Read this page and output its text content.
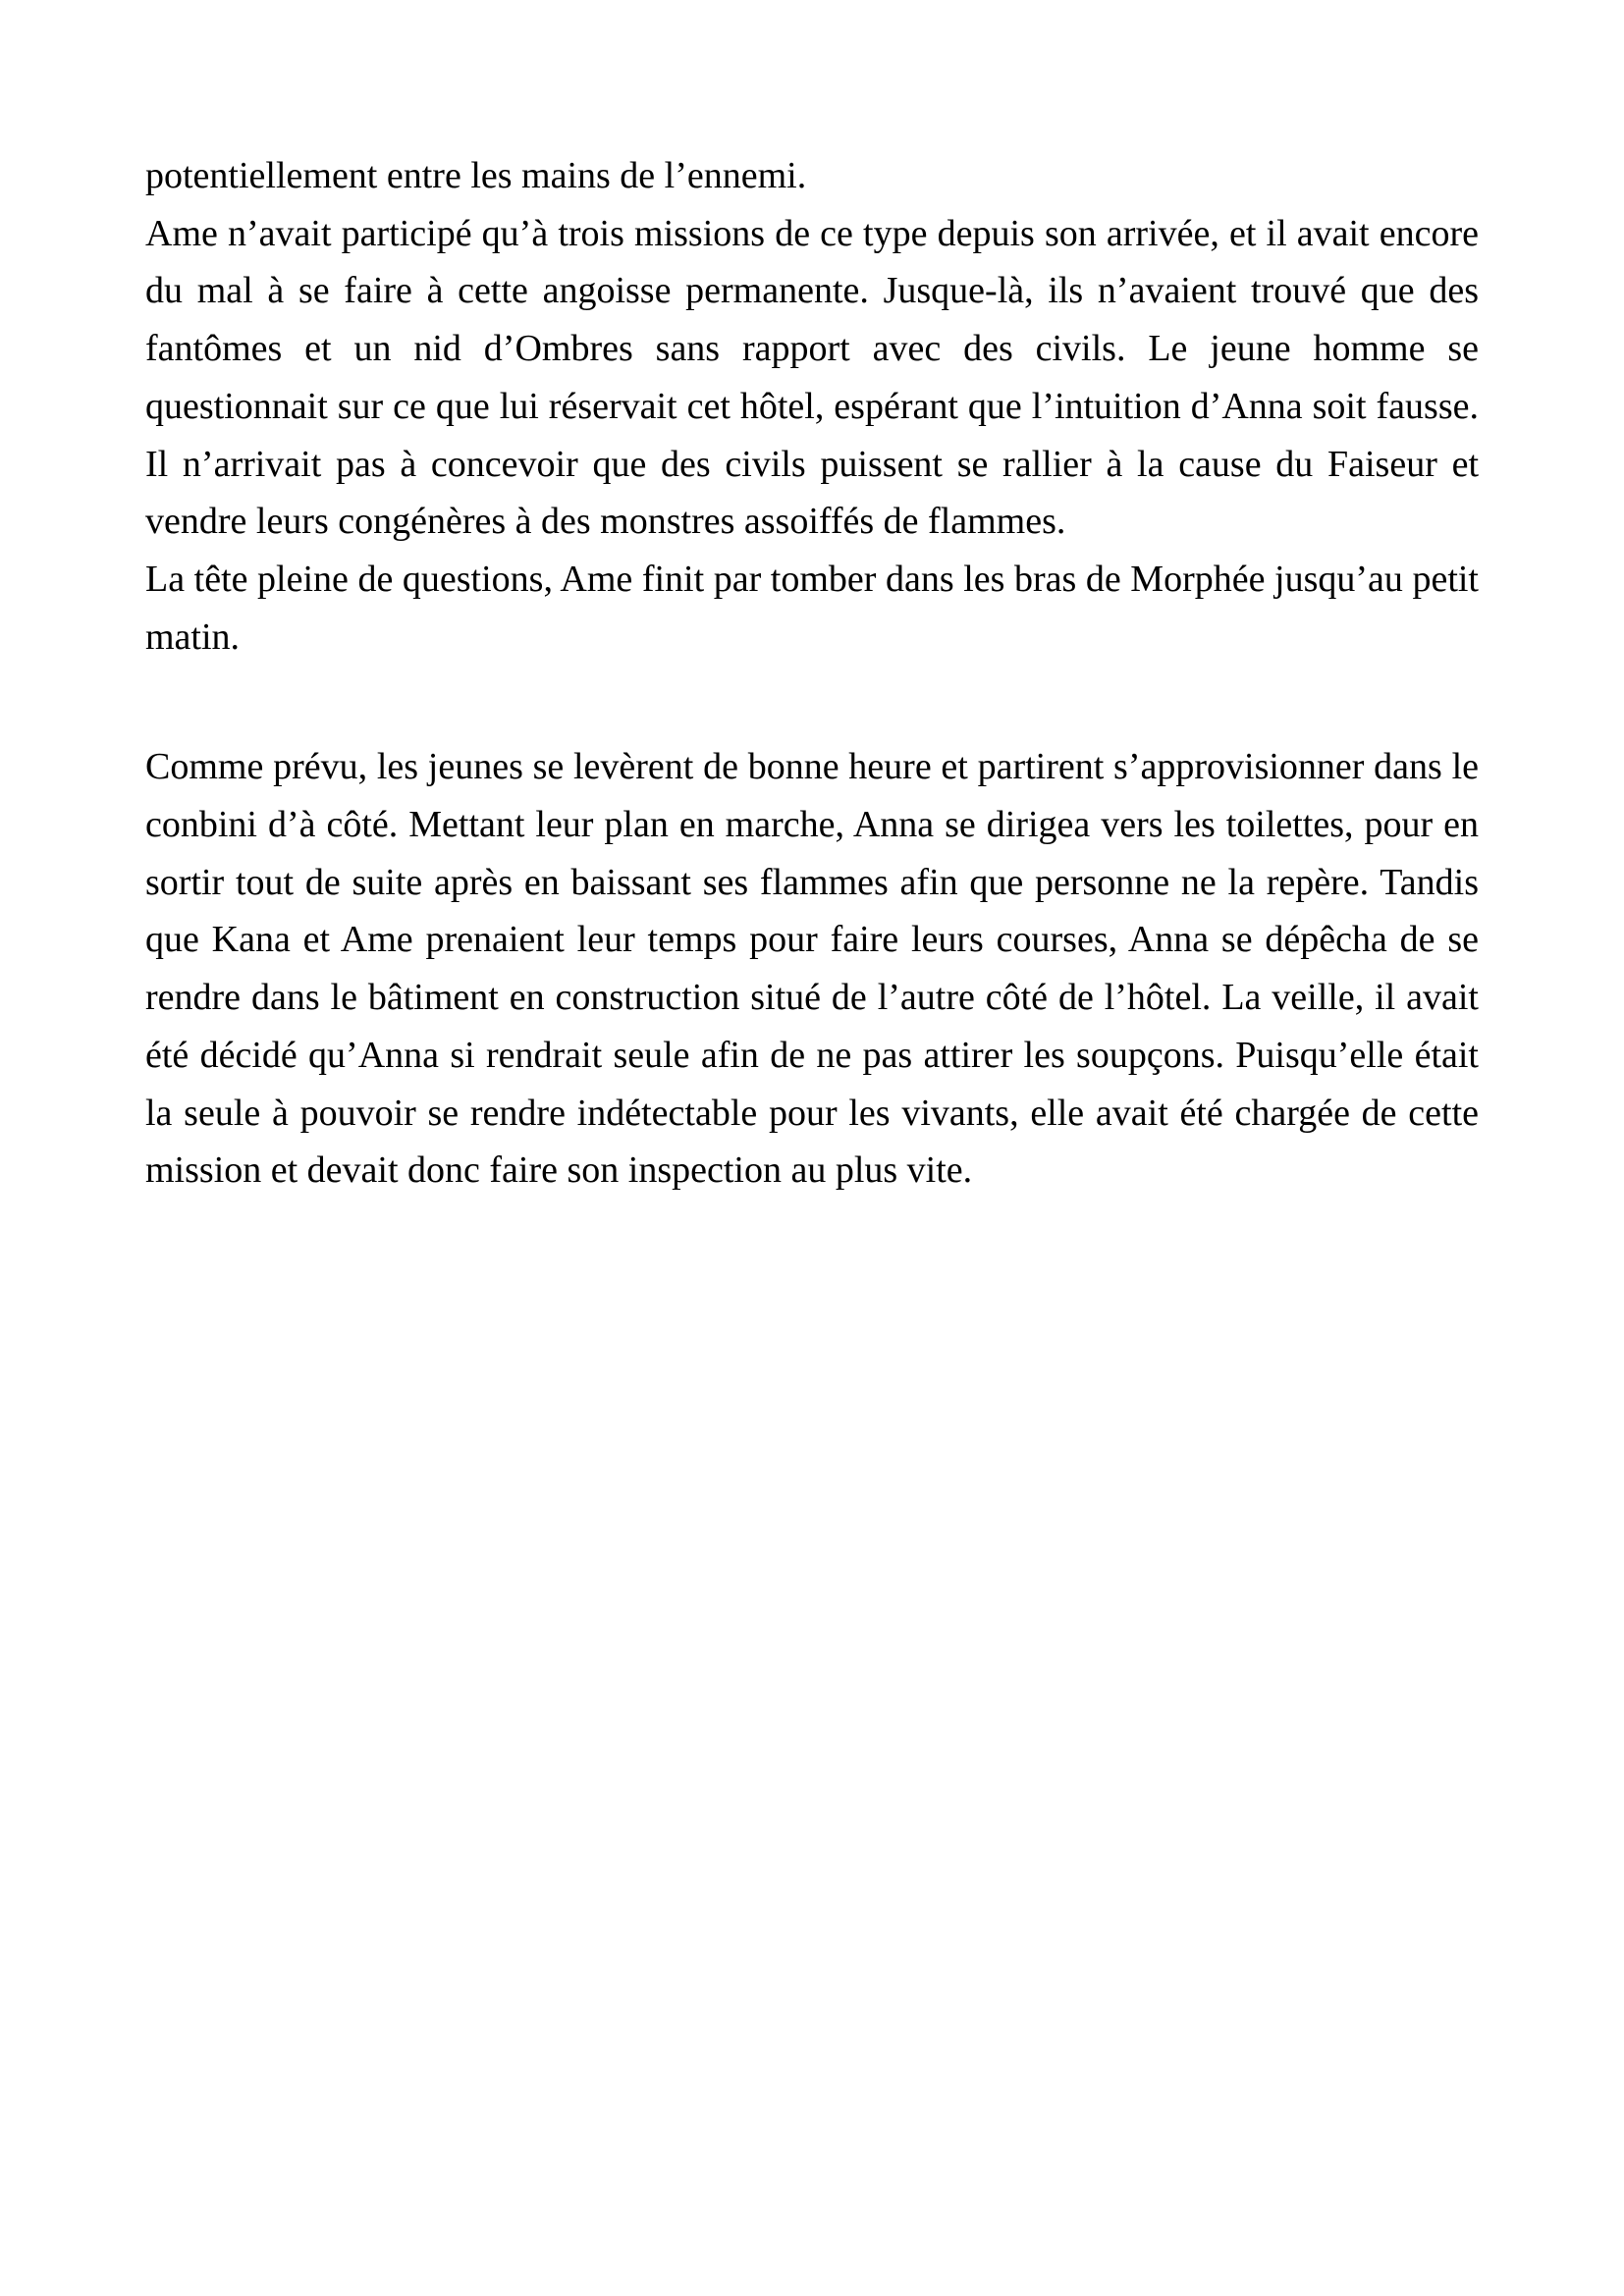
potentiellement entre les mains de l’ennemi.

Ame n’avait participé qu’à trois missions de ce type depuis son arrivée, et il avait encore du mal à se faire à cette angoisse permanente. Jusque-là, ils n’avaient trouvé que des fantômes et un nid d’Ombres sans rapport avec des civils. Le jeune homme se questionnait sur ce que lui réservait cet hôtel, espérant que l’intuition d’Anna soit fausse. Il n’arrivait pas à concevoir que des civils puissent se rallier à la cause du Faiseur et vendre leurs congénères à des monstres assoiffés de flammes.

La tête pleine de questions, Ame finit par tomber dans les bras de Morphée jusqu’au petit matin.

Comme prévu, les jeunes se levèrent de bonne heure et partirent s’approvisionner dans le conbini d’à côté. Mettant leur plan en marche, Anna se dirigea vers les toilettes, pour en sortir tout de suite après en baissant ses flammes afin que personne ne la repère. Tandis que Kana et Ame prenaient leur temps pour faire leurs courses, Anna se dépêcha de se rendre dans le bâtiment en construction situé de l’autre côté de l’hôtel. La veille, il avait été décidé qu’Anna si rendrait seule afin de ne pas attirer les soupçons. Puisqu’elle était la seule à pouvoir se rendre indétectable pour les vivants, elle avait été chargée de cette mission et devait donc faire son inspection au plus vite.
